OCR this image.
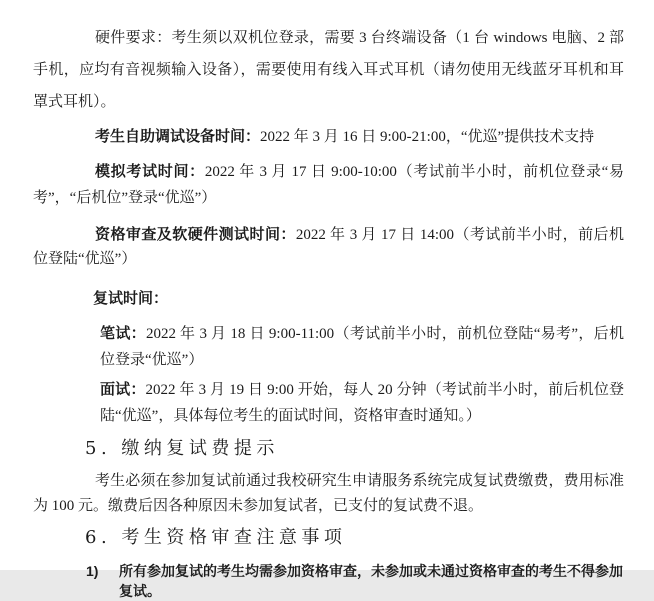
硬件要求：考生须以双机位登录，需要 3 台终端设备（1 台 windows 电脑、2 部手机，应均有音视频输入设备），需要使用有线入耳式耳机（请勿使用无线蓝牙耳机和耳罩式耳机）。

考生自助调试设备时间：2022 年 3 月 16 日 9:00-21:00，“优巡”提供技术支持

模拟考试时间：2022 年 3 月 17 日 9:00-10:00（考试前半小时，前机位登录“易考”，“后机位”登录“优巡”）

资格审查及软硬件测试时间：2022 年 3 月 17 日 14:00（考试前半小时，前后机位登陆“优巡”）

复试时间：

笔试：2022 年 3 月 18 日 9:00-11:00（考试前半小时，前机位登陆“易考”，后机位登录“优巡”）

面试：2022 年 3 月 19 日 9:00 开始，每人 20 分钟（考试前半小时，前后机位登陆“优巡”，具体每位考生的面试时间，资格审查时通知。）

5. 缴纳复试费提示

考生必须在参加复试前通过我校研究生申请服务系统完成复试费缴费，费用标准为 100 元。缴费后因各种原因未参加复试者，已支付的复试费不退。

6. 考生资格审查注意事项
1)	所有参加复试的考生均需参加资格审查，未参加或未通过资格审查的考生不得参加复试。
